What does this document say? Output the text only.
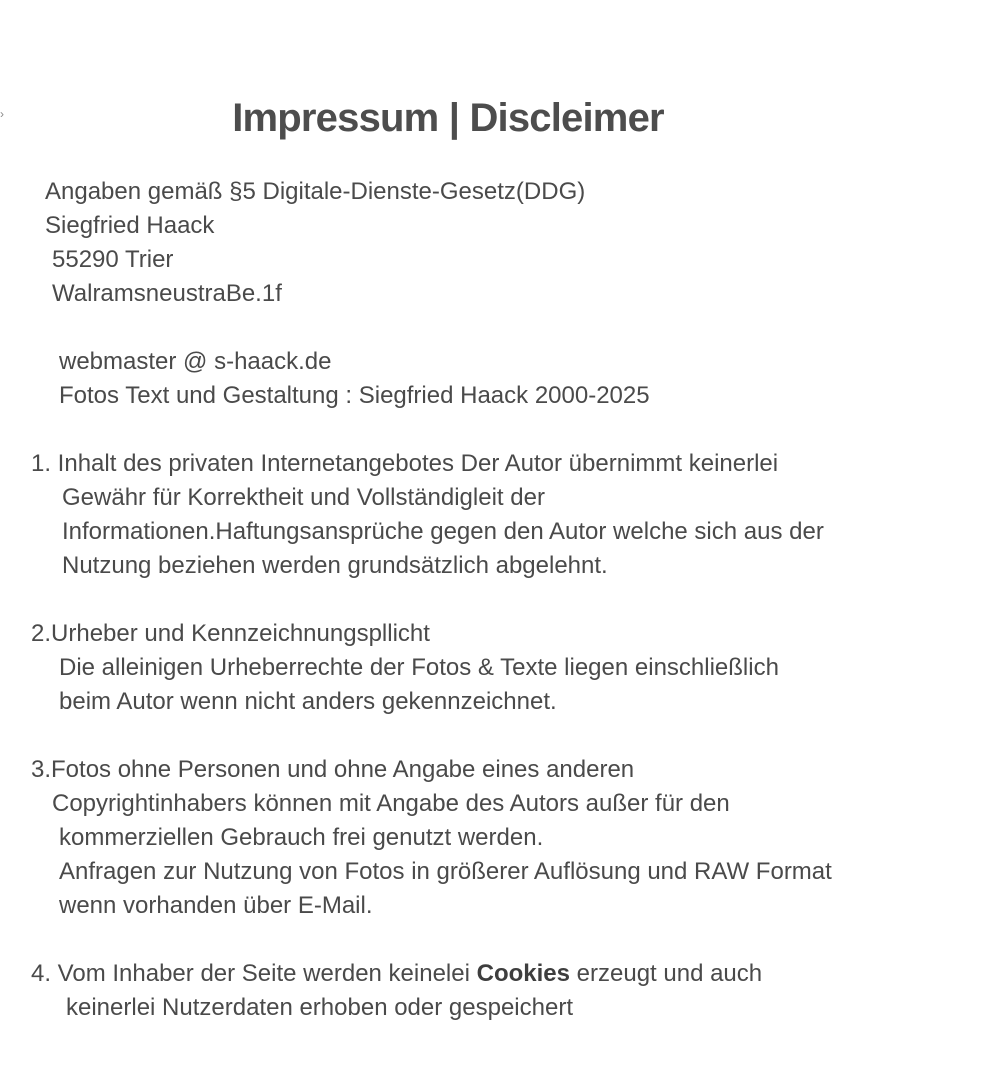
›	Impressum | Discleimer

Angaben gemäß §5 Digitale-Dienste-Gesetz(DDG)

Siegfried Haack

55290 Trier

WalramsneustraBe.1f

webmaster @ s-haack.de

Fotos Text und Gestaltung : Siegfried Haack 2000-2025

1. Inhalt des privaten Internetangebotes Der Autor übernimmt keinerlei

Gewähr für Korrektheit und Vollständigleit der

Informationen.Haftungsansprüche gegen den Autor welche sich aus der

Nutzung beziehen werden grundsätzlich abgelehnt.

2.Urheber und Kennzeichnungspllicht

Die alleinigen Urheberrechte der Fotos & Texte liegen einschließlich

beim Autor wenn nicht anders gekennzeichnet.

3.Fotos ohne Personen und ohne Angabe eines anderen

Copyrightinhabers können mit Angabe des Autors außer für den

kommerziellen Gebrauch frei genutzt werden.

Anfragen zur Nutzung von Fotos in größerer Auflösung und RAW Format

wenn vorhanden über E-Mail.

4. Vom Inhaber der Seite werden keinelei Cookies erzeugt und auch

keinerlei Nutzerdaten erhoben oder gespeichert
